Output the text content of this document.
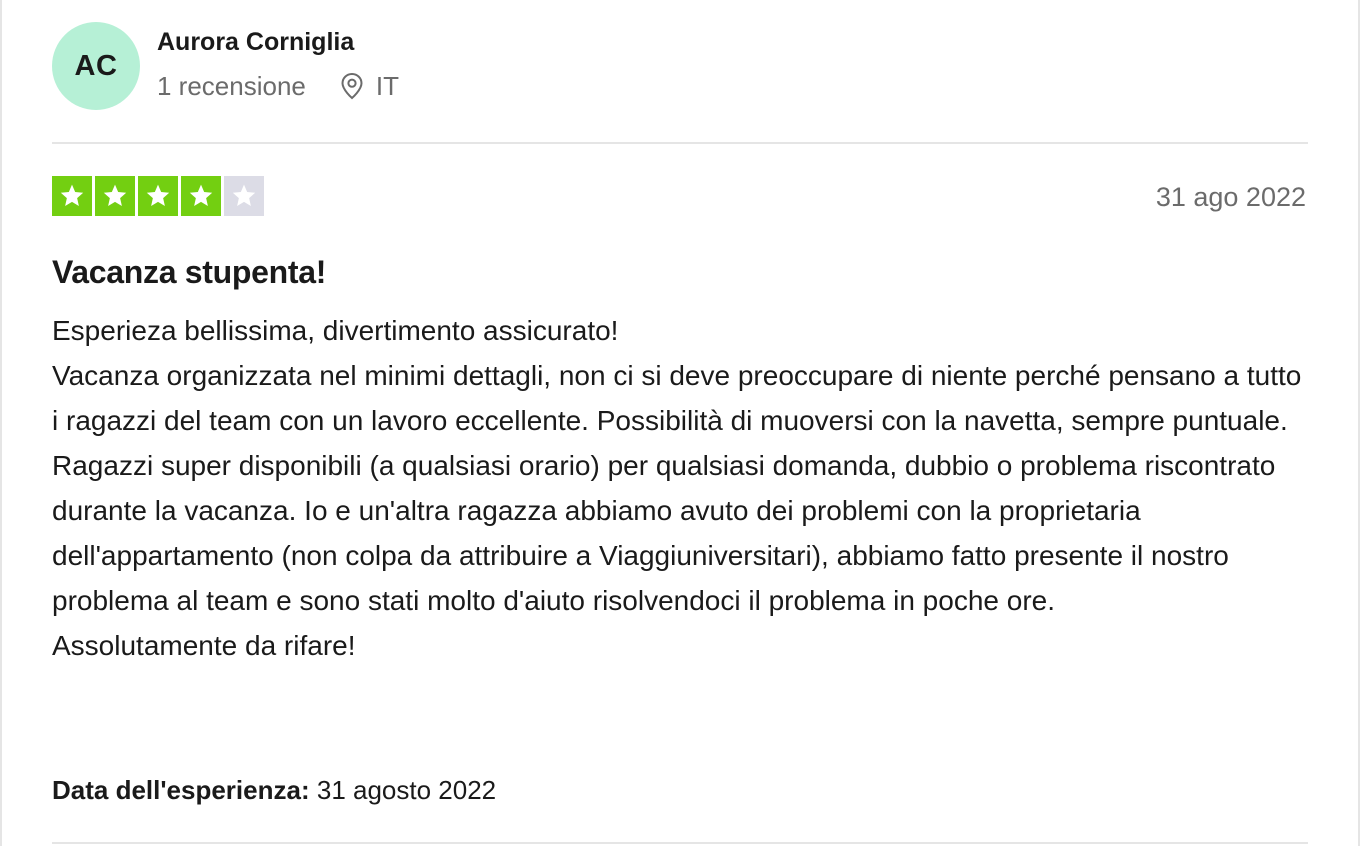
AC
Aurora Corniglia
1 recensione	IT
31 ago 2022
Vacanza stupenta!

Esperieza bellissima, divertimento assicurato!

Vacanza organizzata nel minimi dettagli, non ci si deve preoccupare di niente perché pensano a tutto i ragazzi del team con un lavoro eccellente. Possibilità di muoversi con la navetta, sempre puntuale.

Ragazzi super disponibili (a qualsiasi orario) per qualsiasi domanda, dubbio o problema riscontrato durante la vacanza. Io e un'altra ragazza abbiamo avuto dei problemi con la proprietaria dell'appartamento (non colpa da attribuire a Viaggiuniversitari), abbiamo fatto presente il nostro problema al team e sono stati molto d'aiuto risolvendoci il problema in poche ore.

Assolutamente da rifare!

Data dell'esperienza: 31 agosto 2022
